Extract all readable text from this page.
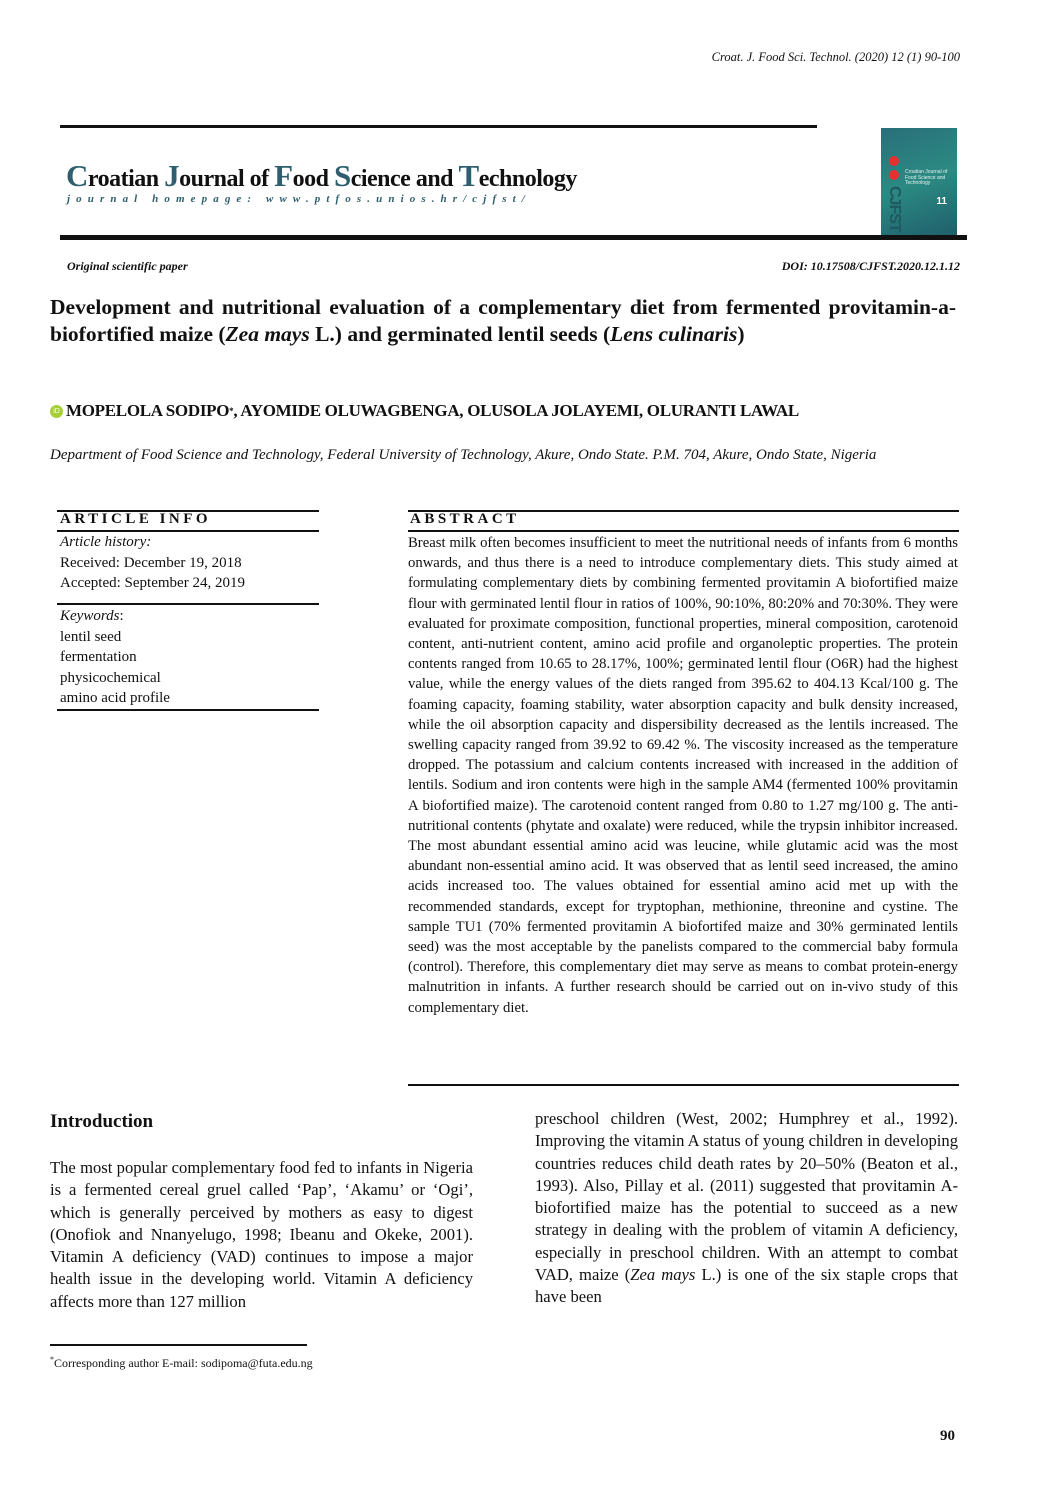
Croat. J. Food Sci. Technol. (2020) 12 (1) 90-100
Croatian Journal of Food Science and Technology
journal homepage: www.ptfos.unios.hr/cjfst/
Croatian Journal of Food Science and Technology
CJFST	11
Original scientific paper	DOI: 10.17508/CJFST.2020.12.1.12
Development and nutritional evaluation of a complementary diet from fermented provitamin-a-biofortified maize (Zea mays L.) and germinated lentil seeds (Lens culinaris)
iD MOPELOLA SODIPO * , AYOMIDE OLUWAGBENGA, OLUSOLA JOLAYEMI, OLURANTI LAWAL
Department of Food Science and Technology, Federal University of Technology, Akure, Ondo State. P.M. 704, Akure, Ondo State, Nigeria
ARTICLE INFO
Article history:
Received: December 19, 2018
Accepted: September 24, 2019
Keywords:
lentil seed
fermentation
physicochemical
amino acid profile
ABSTRACT
Breast milk often becomes insufficient to meet the nutritional needs of infants from 6 months onwards, and thus there is a need to introduce complementary diets. This study aimed at formulating complementary diets by combining fermented provitamin A biofortified maize flour with germinated lentil flour in ratios of 100%, 90:10%, 80:20% and 70:30%. They were evaluated for proximate composition, functional properties, mineral composition, carotenoid content, anti-nutrient content, amino acid profile and organoleptic properties. The protein contents ranged from 10.65 to 28.17%, 100%; germinated lentil flour (O6R) had the highest value, while the energy values of the diets ranged from 395.62 to 404.13 Kcal/100 g. The foaming capacity, foaming stability, water absorption capacity and bulk density increased, while the oil absorption capacity and dispersibility decreased as the lentils increased. The swelling capacity ranged from 39.92 to 69.42 %. The viscosity increased as the temperature dropped. The potassium and calcium contents increased with increased in the addition of lentils. Sodium and iron contents were high in the sample AM4 (fermented 100% provitamin A biofortified maize). The carotenoid content ranged from 0.80 to 1.27 mg/100 g. The anti-nutritional contents (phytate and oxalate) were reduced, while the trypsin inhibitor increased. The most abundant essential amino acid was leucine, while glutamic acid was the most abundant non-essential amino acid. It was observed that as lentil seed increased, the amino acids increased too. The values obtained for essential amino acid met up with the recommended standards, except for tryptophan, methionine, threonine and cystine. The sample TU1 (70% fermented provitamin A biofortifed maize and 30% germinated lentils seed) was the most acceptable by the panelists compared to the commercial baby formula (control). Therefore, this complementary diet may serve as means to combat protein-energy malnutrition in infants. A further research should be carried out on in-vivo study of this complementary diet.
Introduction
The most popular complementary food fed to infants in Nigeria is a fermented cereal gruel called ‘Pap’, ‘Akamu’ or ‘Ogi’, which is generally perceived by mothers as easy to digest (Onofiok and Nnanyelugo, 1998; Ibeanu and Okeke, 2001). Vitamin A deficiency (VAD) continues to impose a major health issue in the developing world. Vitamin A deficiency affects more than 127 million
preschool children (West, 2002; Humphrey et al., 1992). Improving the vitamin A status of young children in developing countries reduces child death rates by 20–50% (Beaton et al., 1993). Also, Pillay et al. (2011) suggested that provitamin A- biofortified maize has the potential to succeed as a new strategy in dealing with the problem of vitamin A deficiency, especially in preschool children. With an attempt to combat VAD, maize (Zea mays L.) is one of the six staple crops that have been
*Corresponding author E-mail: sodipoma@futa.edu.ng
90
